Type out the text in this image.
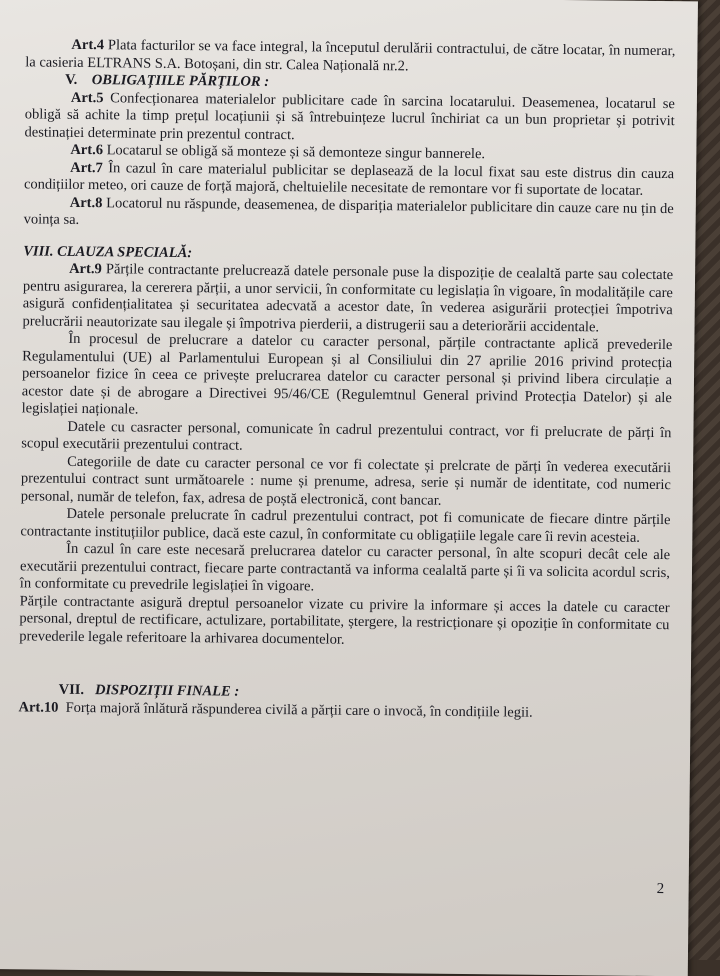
Art.4 Plata facturilor se va face integral, la începutul derulării contractului, de către locatar, în numerar, la casieria ELTRANS S.A. Botoșani, din str. Calea Națională nr.2.

V. OBLIGAȚIILE PĂRȚILOR :

Art.5 Confecționarea materialelor publicitare cade în sarcina locatarului. Deasemenea, locatarul se obligă să achite la timp prețul locațiunii și să întrebuințeze lucrul închiriat ca un bun proprietar și potrivit destinației determinate prin prezentul contract.

Art.6 Locatarul se obligă să monteze și să demonteze singur bannerele.

Art.7 În cazul în care materialul publicitar se deplasează de la locul fixat sau este distrus din cauza condițiilor meteo, ori cauze de forță majoră, cheltuielile necesitate de remontare vor fi suportate de locatar.

Art.8 Locatorul nu răspunde, deasemenea, de dispariția materialelor publicitare din cauze care nu țin de voința sa.

VIII. CLAUZA SPECIALĂ:

Art.9 Părțile contractante prelucrează datele personale puse la dispoziție de cealaltă parte sau colectate pentru asigurarea, la cererera părții, a unor servicii, în conformitate cu legislația în vigoare, în modalitățile care asigură confidențialitatea și securitatea adecvată a acestor date, în vederea asigurării protecției împotriva prelucrării neautorizate sau ilegale și împotriva pierderii, a distrugerii sau a deteriorării accidentale.

În procesul de prelucrare a datelor cu caracter personal, părțile contractante aplică prevederile Regulamentului (UE) al Parlamentului European și al Consiliului din 27 aprilie 2016 privind protecția persoanelor fizice în ceea ce privește prelucrarea datelor cu caracter personal și privind libera circulație a acestor date și de abrogare a Directivei 95/46/CE (Regulemtnul General privind Protecția Datelor) și ale legislației naționale.

Datele cu casracter personal, comunicate în cadrul prezentului contract, vor fi prelucrate de părți în scopul executării prezentului contract.

Categoriile de date cu caracter personal ce vor fi colectate și prelcrate de părți în vederea executării prezentului contract sunt următoarele : nume și prenume, adresa, serie și număr de identitate, cod numeric personal, număr de telefon, fax, adresa de poștă electronică, cont bancar.

Datele personale prelucrate în cadrul prezentului contract, pot fi comunicate de fiecare dintre părțile contractante instituțiilor publice, dacă este cazul, în conformitate cu obligațiile legale care îi revin acesteia.

În cazul în care este necesară prelucrarea datelor cu caracter personal, în alte scopuri decât cele ale executării prezentului contract, fiecare parte contractantă va informa cealaltă parte și îi va solicita acordul scris, în conformitate cu prevedrile legislației în vigoare.

Părțile contractante asigură dreptul persoanelor vizate cu privire la informare și acces la datele cu caracter personal, dreptul de rectificare, actulizare, portabilitate, ștergere, la restricționare și opoziție în conformitate cu prevederile legale referitoare la arhivarea documentelor.

VII. DISPOZIȚII FINALE :

Art.10 Forța majoră înlătură răspunderea civilă a părții care o invocă, în condițiile legii.

2
